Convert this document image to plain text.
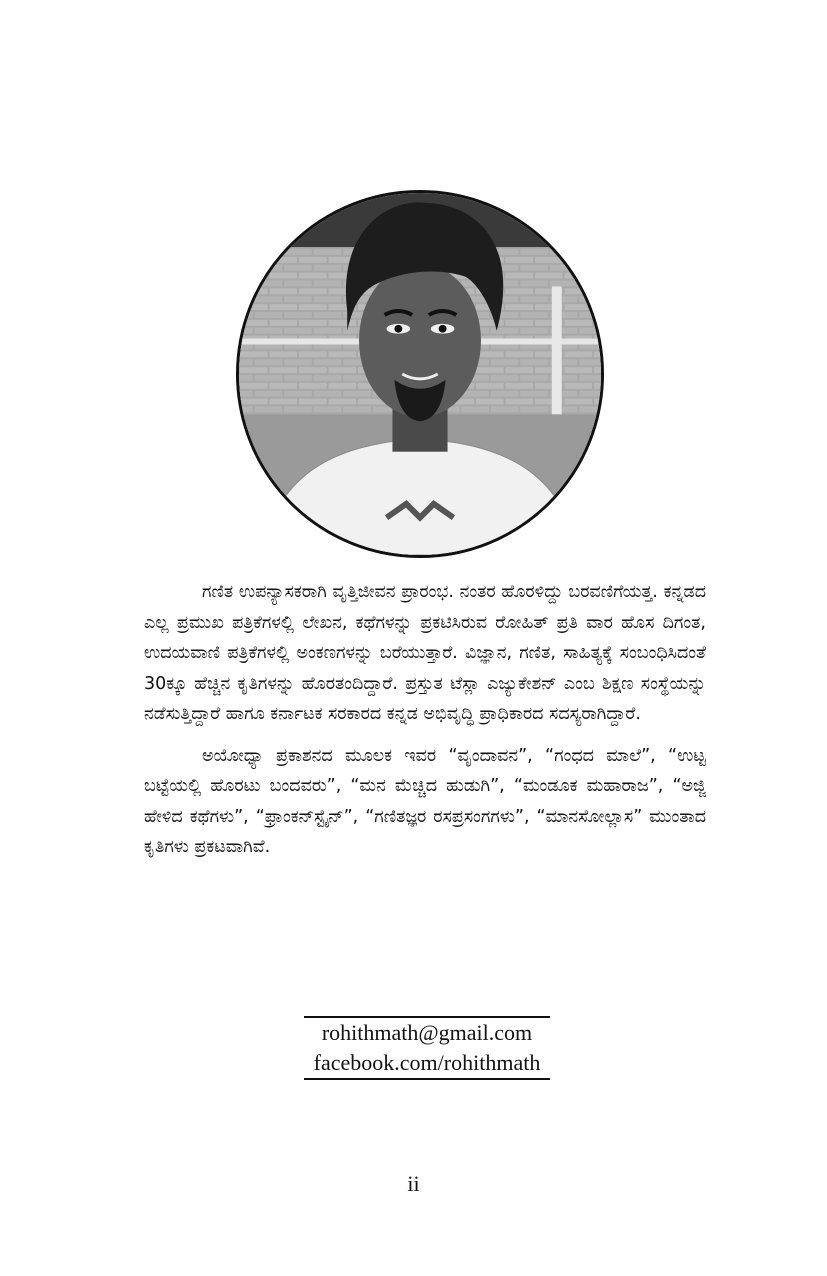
ಗಣಿತ ಉಪನ್ಯಾಸಕರಾಗಿ ವೃತ್ತಿಜೀವನ ಪ್ರಾರಂಭ. ನಂತರ ಹೊರಳಿದ್ದು ಬರವಣಿಗೆಯತ್ತ. ಕನ್ನಡದ ಎಲ್ಲ ಪ್ರಮುಖ ಪತ್ರಿಕೆಗಳಲ್ಲಿ ಲೇಖನ, ಕಥೆಗಳನ್ನು ಪ್ರಕಟಿಸಿರುವ ರೋಹಿತ್ ಪ್ರತಿ ವಾರ ಹೊಸ ದಿಗಂತ, ಉದಯವಾಣಿ ಪತ್ರಿಕೆಗಳಲ್ಲಿ ಅಂಕಣಗಳನ್ನು ಬರೆಯುತ್ತಾರೆ. ವಿಜ್ಞಾನ, ಗಣಿತ, ಸಾಹಿತ್ಯಕ್ಕೆ ಸಂಬಂಧಿಸಿದಂತೆ 30ಕ್ಕೂ ಹೆಚ್ಚಿನ ಕೃತಿಗಳನ್ನು ಹೊರತಂದಿದ್ದಾರೆ. ಪ್ರಸ್ತುತ ಟೆಸ್ಲಾ ಎಜ್ಯುಕೇಶನ್ ಎಂಬ ಶಿಕ್ಷಣ ಸಂಸ್ಥೆಯನ್ನು ನಡೆಸುತ್ತಿದ್ದಾರೆ ಹಾಗೂ ಕರ್ನಾಟಕ ಸರಕಾರದ ಕನ್ನಡ ಅಭಿವೃದ್ಧಿ ಪ್ರಾಧಿಕಾರದ ಸದಸ್ಯರಾಗಿದ್ದಾರೆ.

ಅಯೋಧ್ಯಾ ಪ್ರಕಾಶನದ ಮೂಲಕ ಇವರ “ವೃಂದಾವನ”, “ಗಂಧದ ಮಾಲೆ”, “ಉಟ್ಟ ಬಟ್ಟೆಯಲ್ಲಿ ಹೊರಟು ಬಂದವರು”, “ಮನ ಮೆಚ್ಚಿದ ಹುಡುಗಿ”, “ಮಂಡೂಕ ಮಹಾರಾಜ”, “ಅಜ್ಜಿ ಹೇಳಿದ ಕಥೆಗಳು”, “ಫ್ರಾಂಕನ್‌ಸ್ಟೈನ್”, “ಗಣಿತಜ್ಞರ ರಸಪ್ರಸಂಗಗಳು”, “ಮಾನಸೋಲ್ಲಾಸ” ಮುಂತಾದ ಕೃತಿಗಳು ಪ್ರಕಟವಾಗಿವೆ.

rohithmath@gmail.com
facebook.com/rohithmath
ii
